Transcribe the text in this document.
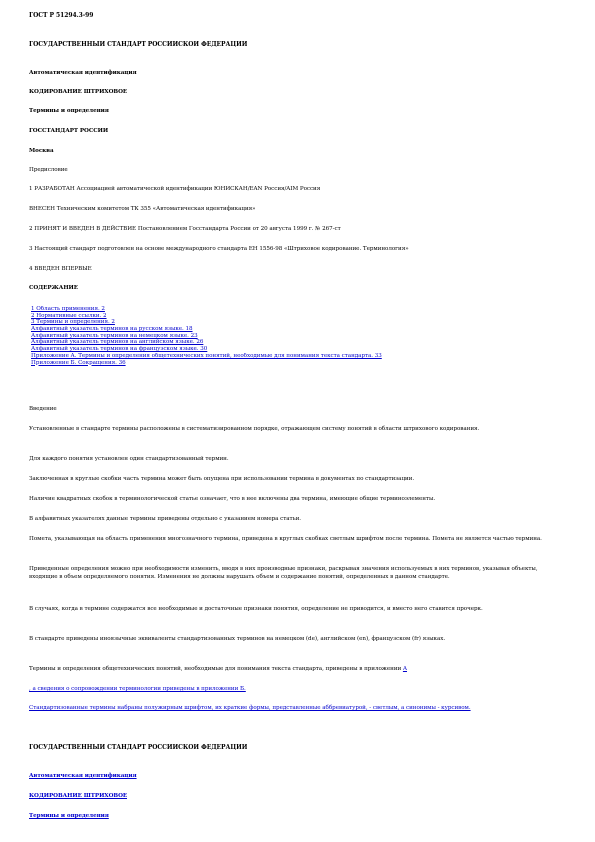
ГОСТ Р 51294.3-99
ГОСУДАРСТВЕННЫЙ СТАНДАРТ РОССИЙСКОЙ ФЕДЕРАЦИИ
Автоматическая идентификация
КОДИРОВАНИЕ ШТРИХОВОЕ
Термины и определения
ГОССТАНДАРТ РОССИИ
Москва
Предисловие
1 РАЗРАБОТАН Ассоциацией автоматической идентификации ЮНИСКАН/EAN Россия/AIM Россия
ВНЕСЕН Техническим комитетом ТК 355 «Автоматическая идентификация»
2 ПРИНЯТ И ВВЕДЕН В ДЕЙСТВИЕ Постановлением Госстандарта России от 20 августа 1999 г. № 267-ст
3 Настоящий стандарт подготовлен на основе международного стандарта ЕН 1556-98 «Штриховое кодирование. Терминология»
4 ВВЕДЕН ВПЕРВЫЕ
СОДЕРЖАНИЕ
1 Область применения. 2
2 Нормативные ссылки. 2
3 Термины и определения. 2
Алфавитный указатель терминов на русском языке. 18
Алфавитный указатель терминов на немецком языке. 23
Алфавитный указатель терминов на английском языке. 26
Алфавитный указатель терминов на французском языке. 30
Приложение А. Термины и определения общетехнических понятий, необходимые для понимания текста стандарта. 33
Приложение Б. Сокращения. 36
Введение
Установленные в стандарте термины расположены в систематизированном порядке, отражающем систему понятий в области штрихового кодирования.
Для каждого понятия установлен один стандартизованный термин.
Заключенная в круглые скобки часть термина может быть опущена при использовании термина в документах по стандартизации.
Наличие квадратных скобок в терминологической статье означает, что в нее включены два термина, имеющие общие терминоэлементы.
В алфавитных указателях данные термины приведены отдельно с указанием номера статьи.
Помета, указывающая на область применения многозначного термина, приведена в круглых скобках светлым шрифтом после термина. Помета не является частью термина.
Приведенные определения можно при необходимости изменить, вводя в них производные признаки, раскрывая значения используемых в них терминов, указывая объекты, входящие в объем определяемого понятия. Изменения не должны нарушать объем и содержание понятий, определенных в данном стандарте.
В случаях, когда в термине содержатся все необходимые и достаточные признаки понятия, определение не приводится, и вместо него ставится прочерк.
В стандарте приведены иноязычные эквиваленты стандартизованных терминов на немецком (de), английском (en), французском (fr) языках.
Термины и определения общетехнических понятий, необходимые для понимания текста стандарта, приведены в приложении А
, а сведения о сопровождении терминологии приведены в приложении Б.
Стандартизованные термины набраны полужирным шрифтом, их краткие формы, представленные аббревиатурой, - светлым, а синонимы - курсивом.
ГОСУДАРСТВЕННЫЙ СТАНДАРТ РОССИЙСКОЙ ФЕДЕРАЦИИ
Автоматическая идентификация
КОДИРОВАНИЕ ШТРИХОВОЕ
Термины и определения
